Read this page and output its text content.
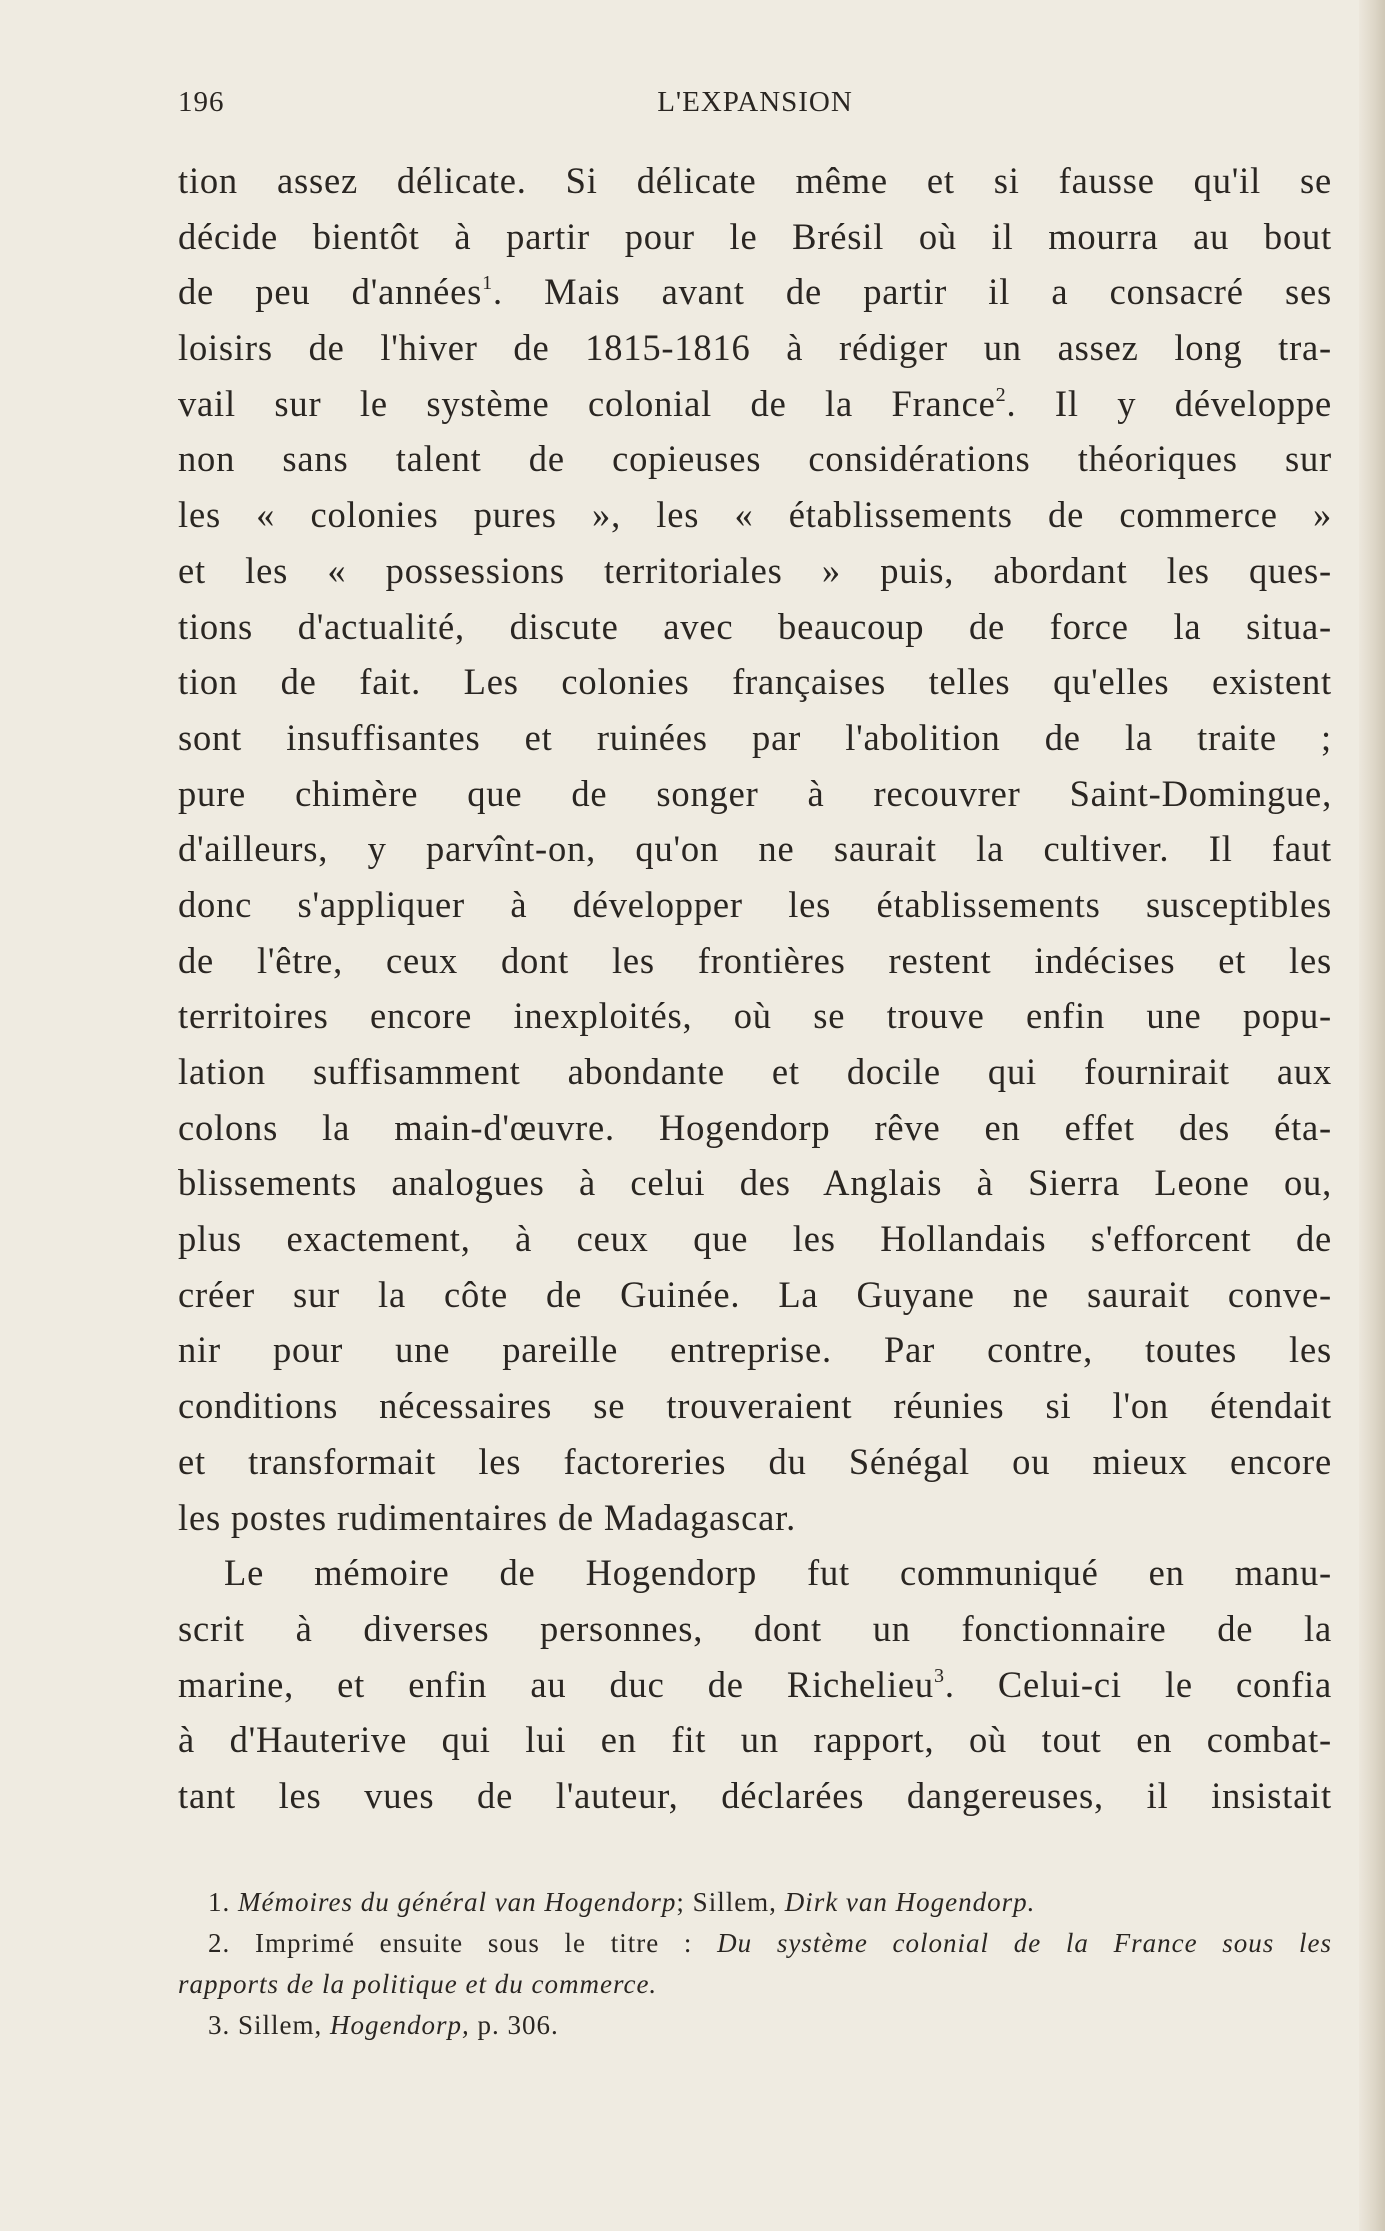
196	L'EXPANSION
tion assez délicate. Si délicate même et si fausse qu'il se
décide bientôt à partir pour le Brésil où il mourra au bout
de peu d'années$^1$. Mais avant de partir il a consacré ses
loisirs de l'hiver de 1815-1816 à rédiger un assez long tra-
vail sur le système colonial de la France$^2$. Il y développe
non sans talent de copieuses considérations théoriques sur
les « colonies pures », les « établissements de commerce »
et les « possessions territoriales » puis, abordant les ques-
tions d'actualité, discute avec beaucoup de force la situa-
tion de fait. Les colonies françaises telles qu'elles existent
sont insuffisantes et ruinées par l'abolition de la traite ;
pure chimère que de songer à recouvrer Saint-Domingue,
d'ailleurs, y parvînt-on, qu'on ne saurait la cultiver. Il faut
donc s'appliquer à développer les établissements susceptibles
de l'être, ceux dont les frontières restent indécises et les
territoires encore inexploités, où se trouve enfin une popu-
lation suffisamment abondante et docile qui fournirait aux
colons la main-d'œuvre. Hogendorp rêve en effet des éta-
blissements analogues à celui des Anglais à Sierra Leone ou,
plus exactement, à ceux que les Hollandais s'efforcent de
créer sur la côte de Guinée. La Guyane ne saurait conve-
nir pour une pareille entreprise. Par contre, toutes les
conditions nécessaires se trouveraient réunies si l'on étendait
et transformait les factoreries du Sénégal ou mieux encore
les postes rudimentaires de Madagascar.
Le mémoire de Hogendorp fut communiqué en manu-
scrit à diverses personnes, dont un fonctionnaire de la
marine, et enfin au duc de Richelieu$^3$. Celui-ci le confia
à d'Hauterive qui lui en fit un rapport, où tout en combat-
tant les vues de l'auteur, déclarées dangereuses, il insistait
1. Mémoires du général van Hogendorp; Sillem, Dirk van Hogendorp.
2. Imprimé ensuite sous le titre : Du système colonial de la France sous les
rapports de la politique et du commerce.
3. Sillem, Hogendorp, p. 306.
